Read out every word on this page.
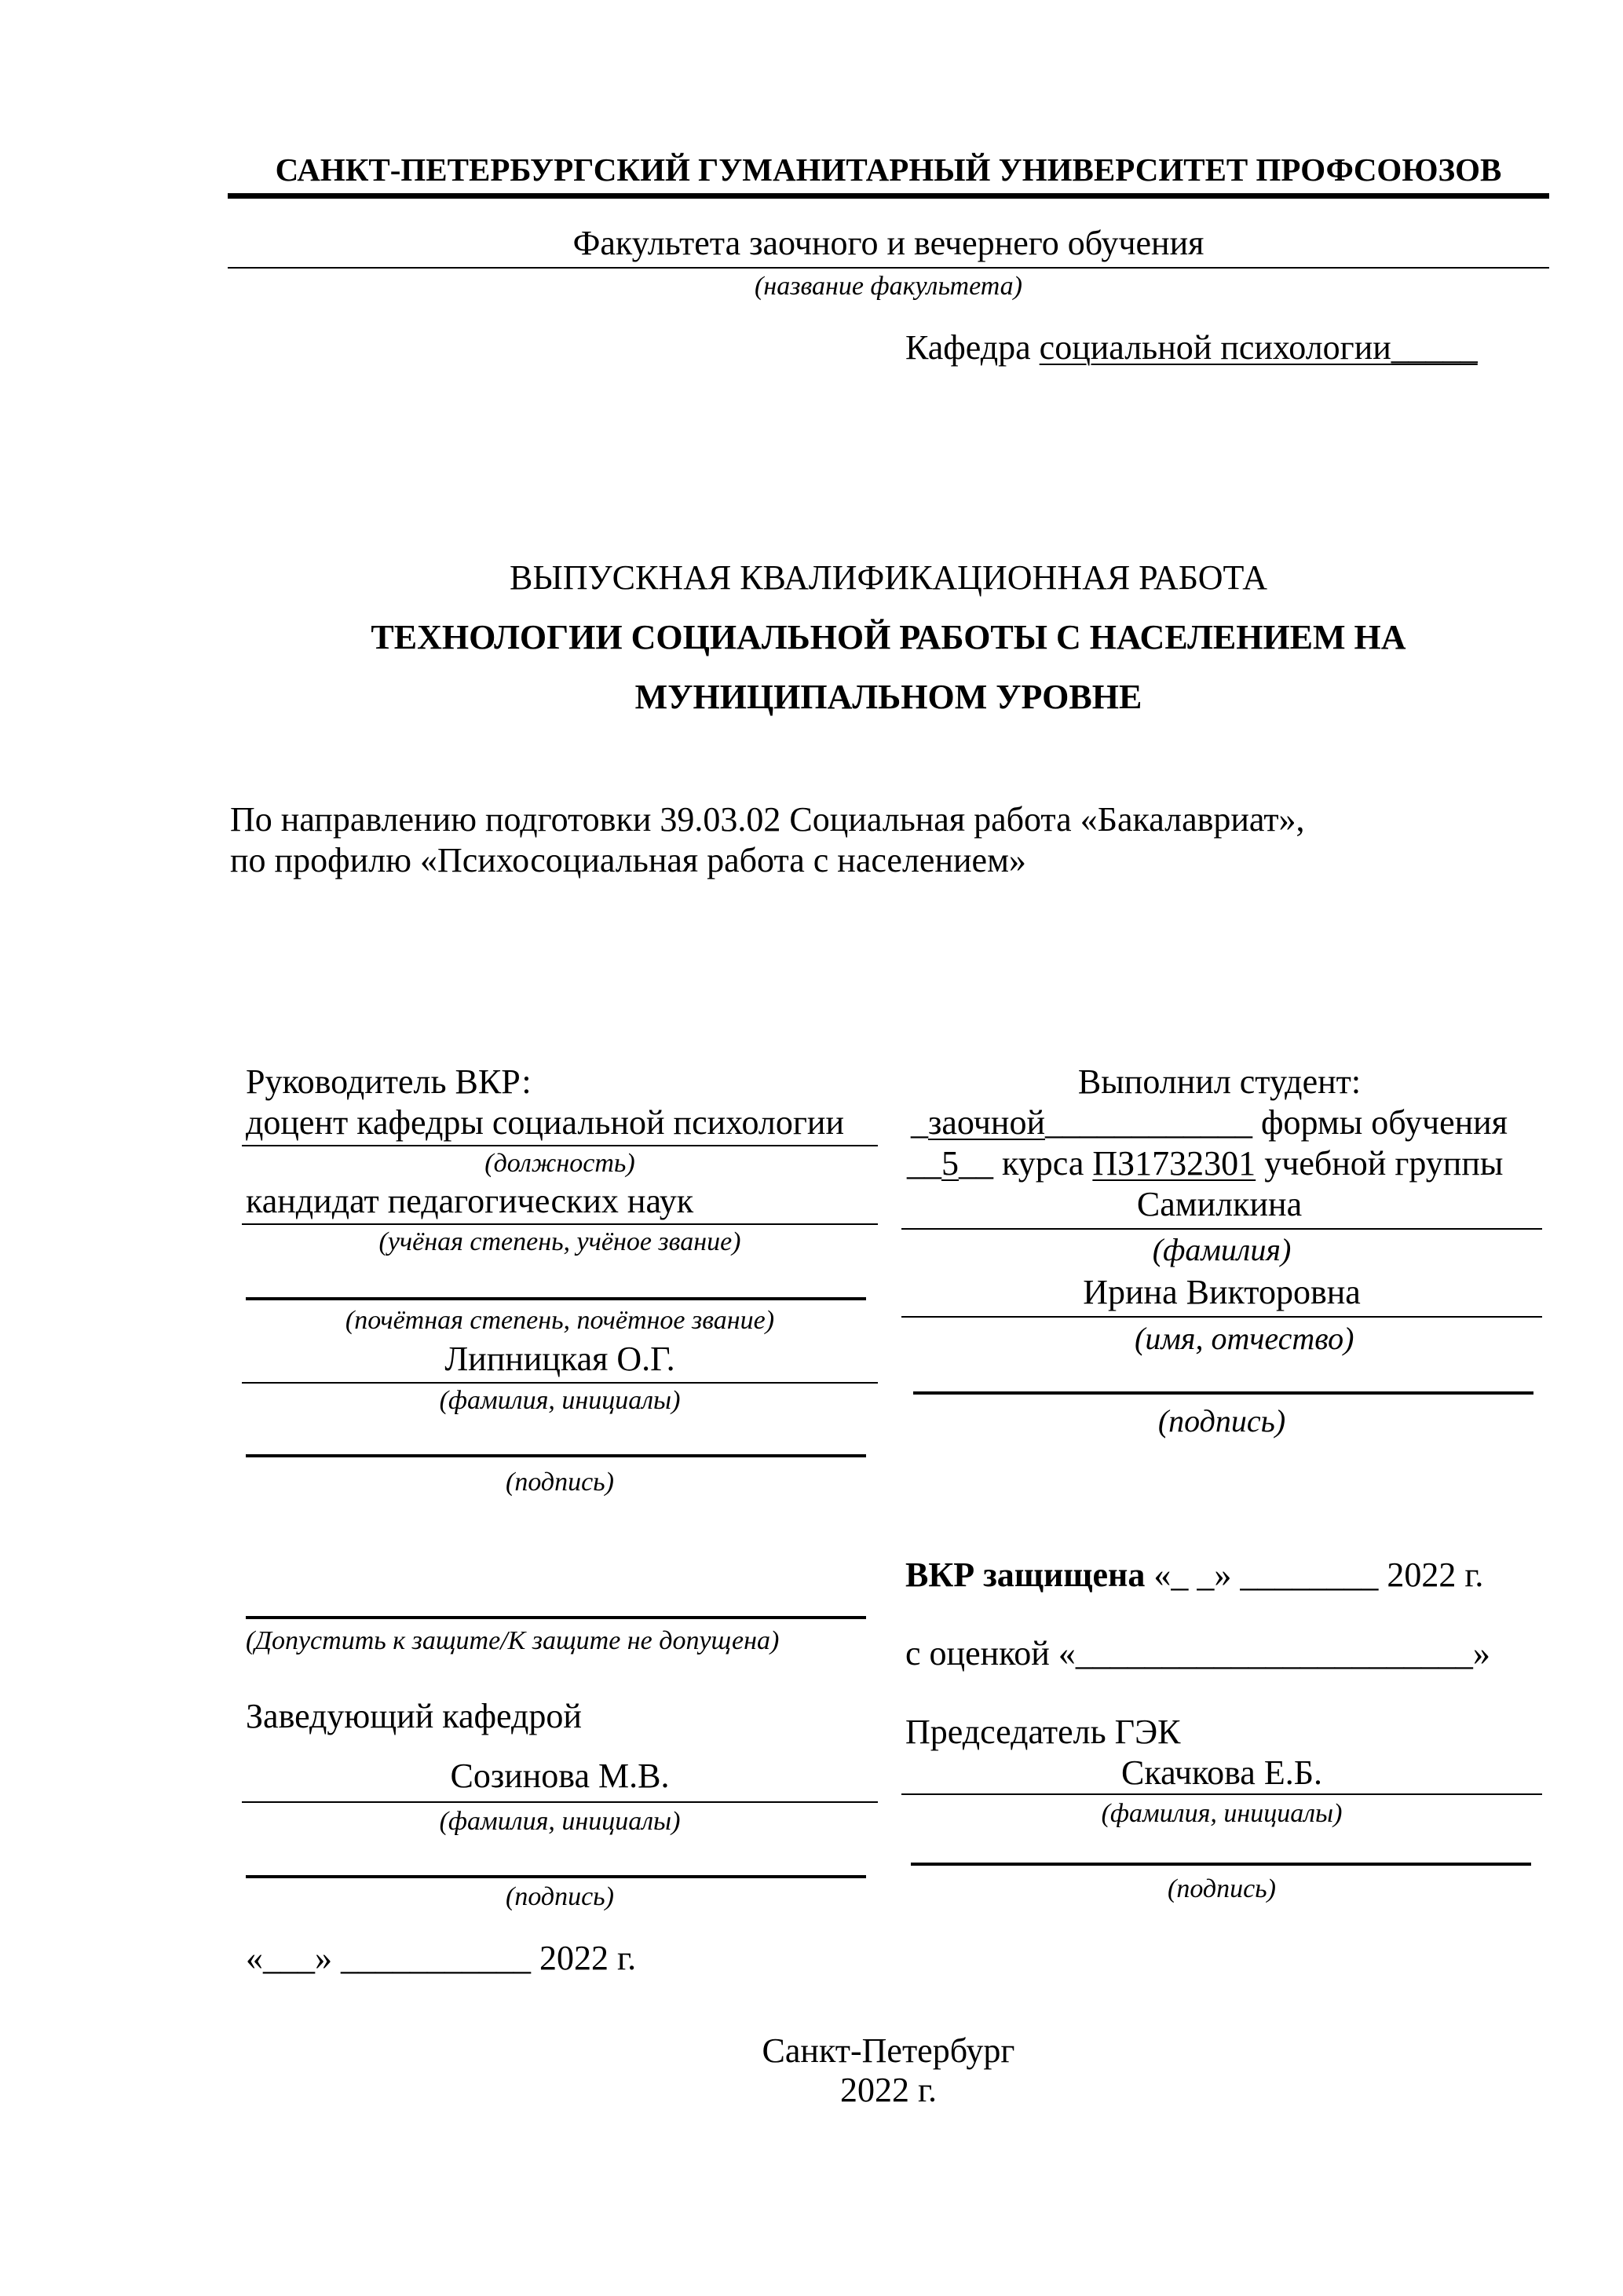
САНКТ-ПЕТЕРБУРГСКИЙ ГУМАНИТАРНЫЙ УНИВЕРСИТЕТ ПРОФСОЮЗОВ
Факультета заочного и вечернего обучения
(название факультета)
Кафедра социальной психологии_____
ВЫПУСКНАЯ КВАЛИФИКАЦИОННАЯ РАБОТА
ТЕХНОЛОГИИ СОЦИАЛЬНОЙ РАБОТЫ С НАСЕЛЕНИЕМ НА
МУНИЦИПАЛЬНОМ УРОВНЕ
По направлению подготовки 39.03.02 Социальная работа «Бакалавриат»,
по профилю «Психосоциальная работа с населением»
Руководитель ВКР:
доцент кафедры социальной психологии
(должность)
кандидат педагогических наук
(учёная степень, учёное звание)
(почётная степень, почётное звание)
Липницкая О.Г.
(фамилия, инициалы)
(подпись)
Выполнил студент:
_заочной____________ формы обучения
__5__ курса ПЗ1732301 учебной группы
Самилкина
(фамилия)
Ирина Викторовна
(имя, отчество)
(подпись)
(Допустить к защите/К защите не допущена)
Заведующий кафедрой
Созинова М.В.
(фамилия, инициалы)
(подпись)
«___» ___________ 2022 г.
ВКР защищена «_ _» ________ 2022 г.
с оценкой «_______________________»
Председатель ГЭК
Скачкова Е.Б.
(фамилия, инициалы)
(подпись)
Санкт-Петербург
2022 г.
